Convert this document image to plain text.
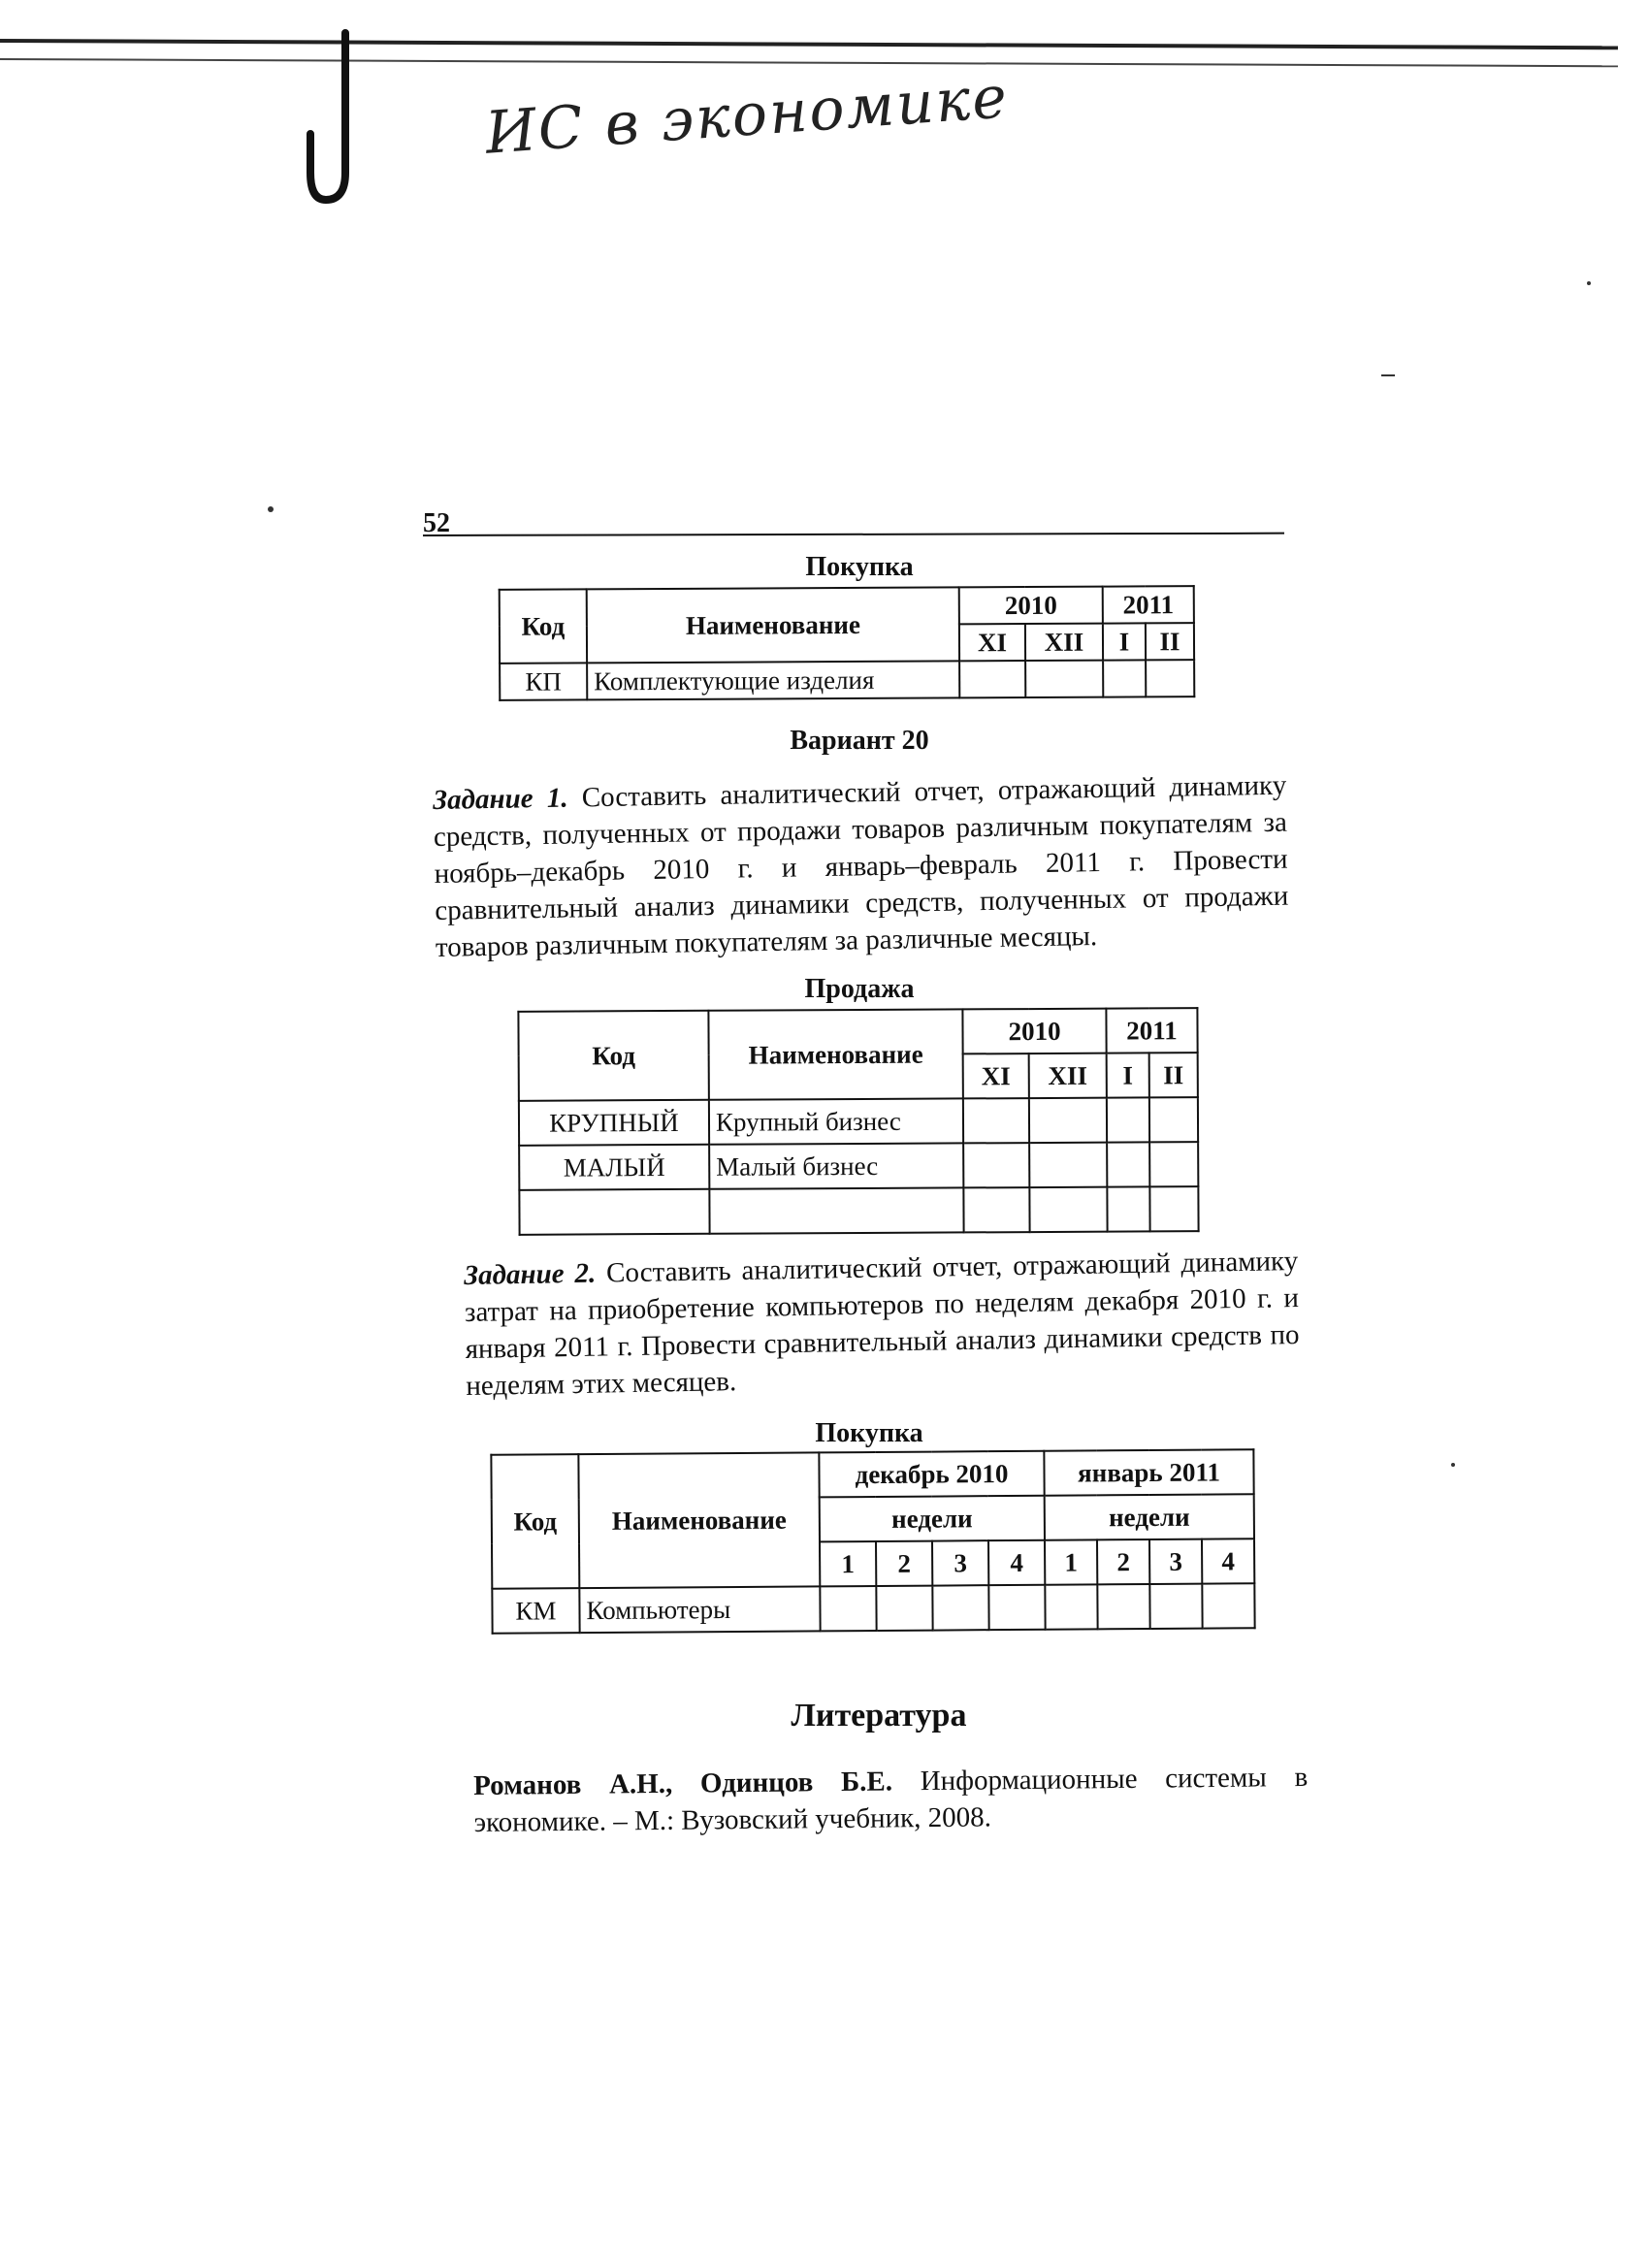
ИС в экономике
52
Покупка
Код	Наименование	2010		2011	
		XI	XII	I	II
КП	Комплектующие изделия				
Вариант 20
Задание 1. Составить аналитический отчет, отражающий динамику средств, полученных от продажи товаров различным покупателям за ноябрь–декабрь 2010 г. и январь–февраль 2011 г. Провести сравнительный анализ динамики средств, полученных от продажи товаров различным покупателям за различные месяцы.
Продажа
Код	Наименование	2010		2011	
		XI	XII	I	II
КРУПНЫЙ	Крупный бизнес				
МАЛЫЙ	Малый бизнес				

Задание 2. Составить аналитический отчет, отражающий динамику затрат на приобретение компьютеров по неделям декабря 2010 г. и января 2011 г. Провести сравнительный анализ динамики средств по неделям этих месяцев.
Покупка
Код	Наименование	декабрь 2010				январь 2011			
		недели				недели			
		1	2	3	4	1	2	3	4
КМ	Компьютеры								
Литература
Романов А.Н., Одинцов Б.Е. Информационные системы в экономике. – М.: Вузовский учебник, 2008.
